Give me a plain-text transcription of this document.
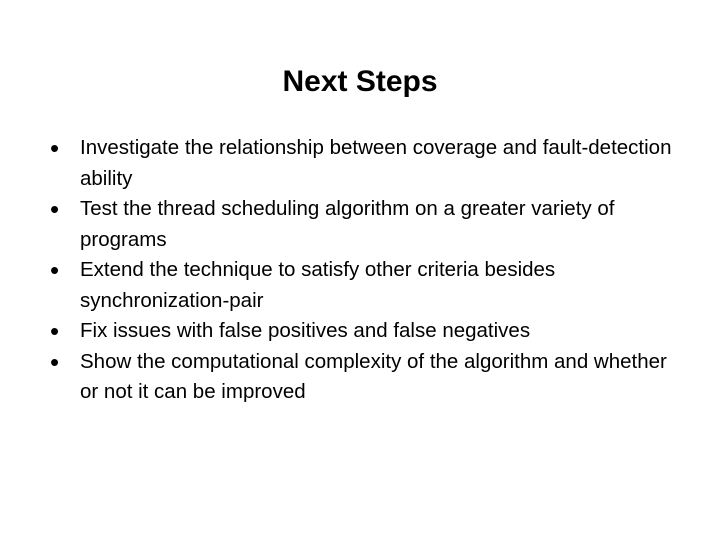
Next Steps
• Investigate the relationship between coverage and fault-detection ability
• Test the thread scheduling algorithm on a greater variety of programs
• Extend the technique to satisfy other criteria besides synchronization-pair
• Fix issues with false positives and false negatives
• Show the computational complexity of the algorithm and whether or not it can be improved
